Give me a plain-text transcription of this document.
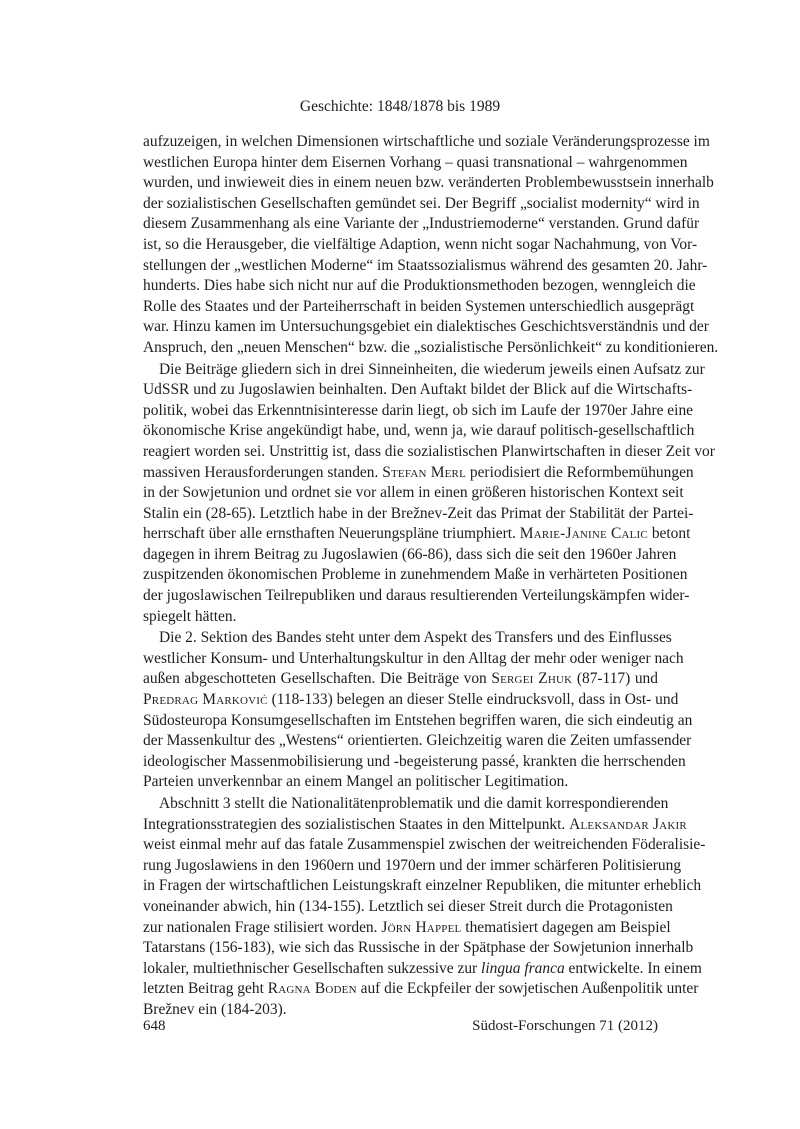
Geschichte: 1848/1878 bis 1989
aufzuzeigen, in welchen Dimensionen wirtschaftliche und soziale Veränderungsprozesse im
westlichen Europa hinter dem Eisernen Vorhang – quasi transnational – wahrgenommen
wurden, und inwieweit dies in einem neuen bzw. veränderten Problembewusstsein innerhalb
der sozialistischen Gesellschaften gemündet sei. Der Begriff „socialist modernity“ wird in
diesem Zusammenhang als eine Variante der „Industriemoderne“ verstanden. Grund dafür
ist, so die Herausgeber, die vielfältige Adaption, wenn nicht sogar Nachahmung, von Vor-
stellungen der „westlichen Moderne“ im Staatssozialismus während des gesamten 20. Jahr-
hunderts. Dies habe sich nicht nur auf die Produktionsmethoden bezogen, wenngleich die
Rolle des Staates und der Parteiherrschaft in beiden Systemen unterschiedlich ausgeprägt
war. Hinzu kamen im Untersuchungsgebiet ein dialektisches Geschichtsverständnis und der
Anspruch, den „neuen Menschen“ bzw. die „sozialistische Persönlichkeit“ zu konditionieren.
Die Beiträge gliedern sich in drei Sinneinheiten, die wiederum jeweils einen Aufsatz zur
UdSSR und zu Jugoslawien beinhalten. Den Auftakt bildet der Blick auf die Wirtschafts-
politik, wobei das Erkenntnisinteresse darin liegt, ob sich im Laufe der 1970er Jahre eine
ökonomische Krise angekündigt habe, und, wenn ja, wie darauf politisch-gesellschaftlich
reagiert worden sei. Unstrittig ist, dass die sozialistischen Planwirtschaften in dieser Zeit vor
massiven Herausforderungen standen. Stefan Merl periodisiert die Reformbemühungen
in der Sowjetunion und ordnet sie vor allem in einen größeren historischen Kontext seit
Stalin ein (28-65). Letztlich habe in der Brežnev-Zeit das Primat der Stabilität der Partei-
herrschaft über alle ernsthaften Neuerungspläne triumphiert. Marie-Janine Calic betont
dagegen in ihrem Beitrag zu Jugoslawien (66-86), dass sich die seit den 1960er Jahren
zuspitzenden ökonomischen Probleme in zunehmendem Maße in verhärteten Positionen
der jugoslawischen Teilrepubliken und daraus resultierenden Verteilungskämpfen wider-
spiegelt hätten.
Die 2. Sektion des Bandes steht unter dem Aspekt des Transfers und des Einflusses
westlicher Konsum- und Unterhaltungskultur in den Alltag der mehr oder weniger nach
außen abgeschotteten Gesellschaften. Die Beiträge von Sergei Zhuk (87-117) und
Predrag Marković (118-133) belegen an dieser Stelle eindrucksvoll, dass in Ost- und
Südosteuropa Konsumgesellschaften im Entstehen begriffen waren, die sich eindeutig an
der Massenkultur des „Westens“ orientierten. Gleichzeitig waren die Zeiten umfassender
ideologischer Massenmobilisierung und -begeisterung passé, krankten die herrschenden
Parteien unverkennbar an einem Mangel an politischer Legitimation.
Abschnitt 3 stellt die Nationalitätenproblematik und die damit korrespondierenden
Integrationsstrategien des sozialistischen Staates in den Mittelpunkt. Aleksandar Jakir
weist einmal mehr auf das fatale Zusammenspiel zwischen der weitreichenden Föderalisie-
rung Jugoslawiens in den 1960ern und 1970ern und der immer schärferen Politisierung
in Fragen der wirtschaftlichen Leistungskraft einzelner Republiken, die mitunter erheblich
voneinander abwich, hin (134-155). Letztlich sei dieser Streit durch die Protagonisten
zur nationalen Frage stilisiert worden. Jörn Happel thematisiert dagegen am Beispiel
Tatarstans (156-183), wie sich das Russische in der Spätphase der Sowjetunion innerhalb
lokaler, multiethnischer Gesellschaften sukzessive zur lingua franca entwickelte. In einem
letzten Beitrag geht Ragna Boden auf die Eckpfeiler der sowjetischen Außenpolitik unter
Brežnev ein (184-203).
648	Südost-Forschungen 71 (2012)
